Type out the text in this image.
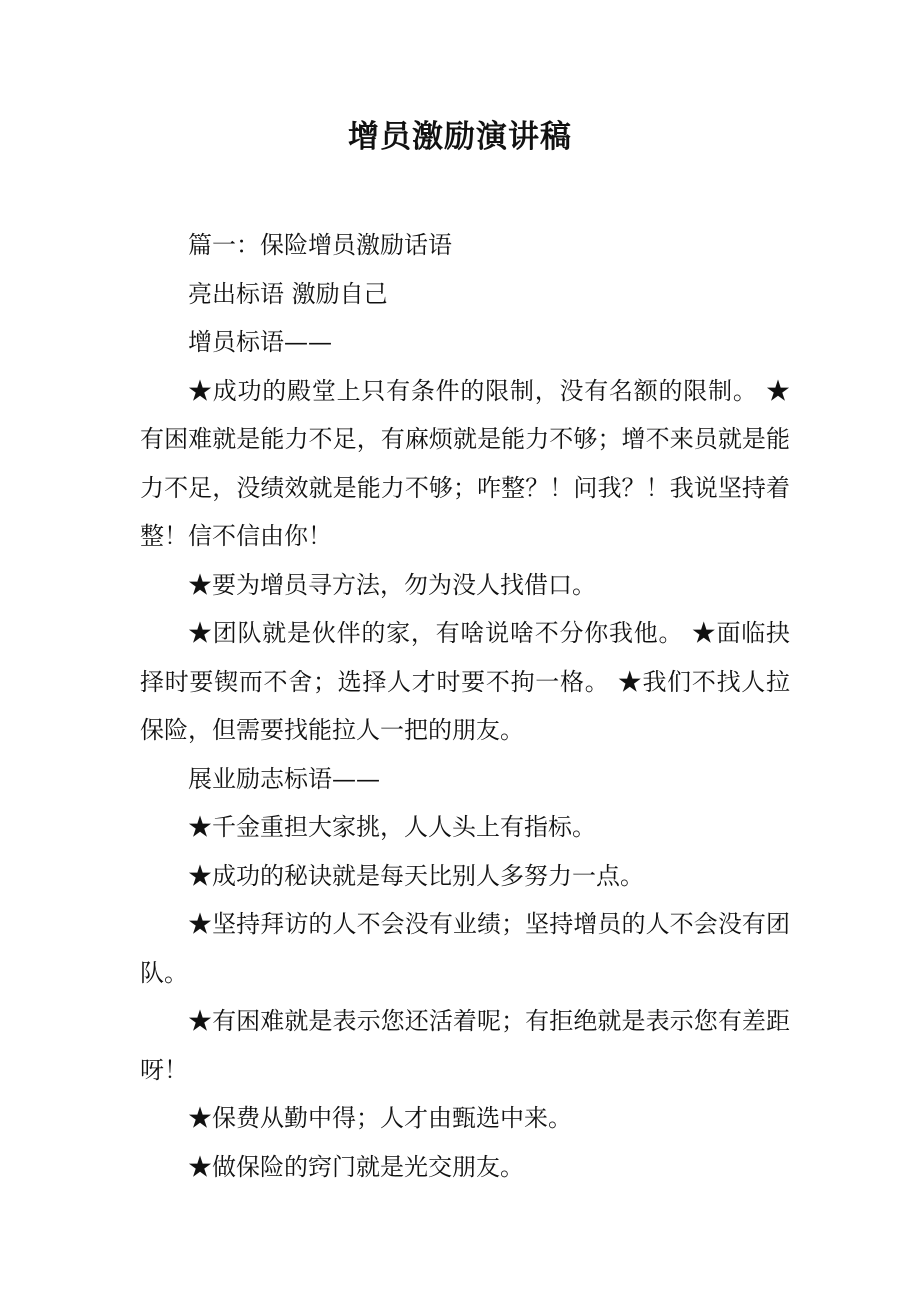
增员激励演讲稿

篇一：保险增员激励话语

亮出标语 激励自己

增员标语——

★成功的殿堂上只有条件的限制，没有名额的限制。 ★有困难就是能力不足，有麻烦就是能力不够；增不来员就是能力不足，没绩效就是能力不够；咋整？！问我？！我说坚持着整！信不信由你！

★要为增员寻方法，勿为没人找借口。

★团队就是伙伴的家，有啥说啥不分你我他。 ★面临抉择时要锲而不舍；选择人才时要不拘一格。 ★我们不找人拉保险，但需要找能拉人一把的朋友。

展业励志标语——

★千金重担大家挑，人人头上有指标。

★成功的秘诀就是每天比别人多努力一点。

★坚持拜访的人不会没有业绩；坚持增员的人不会没有团队。

★有困难就是表示您还活着呢；有拒绝就是表示您有差距呀！

★保费从勤中得；人才由甄选中来。

★做保险的窍门就是光交朋友。
